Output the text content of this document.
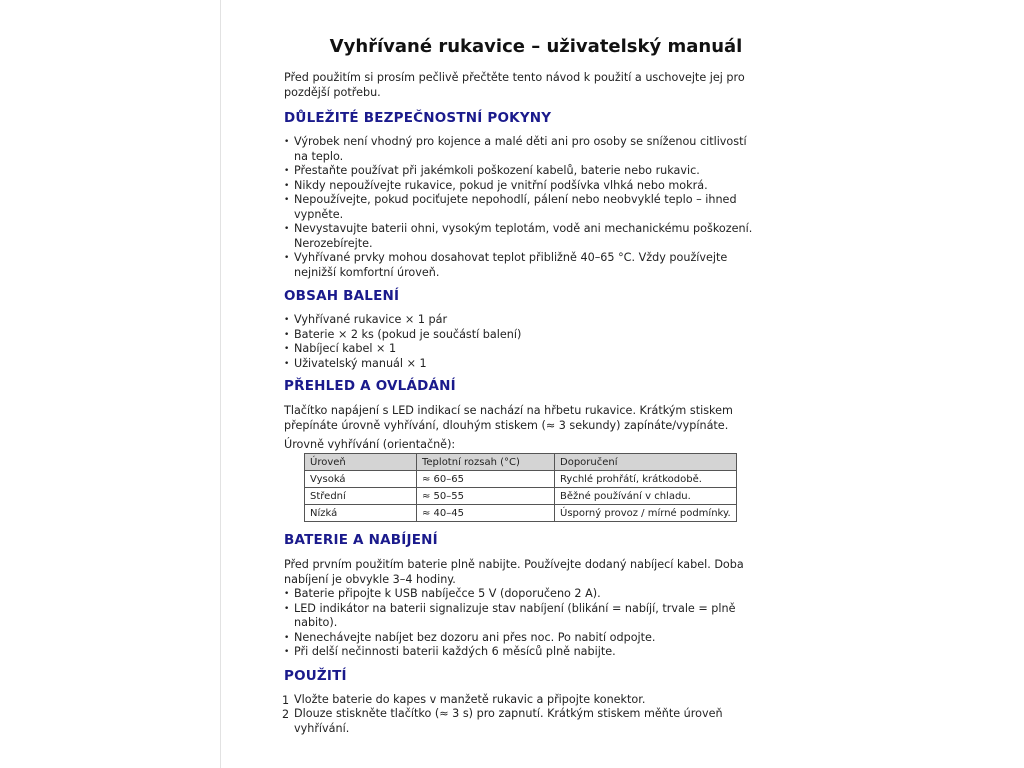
Vyhřívané rukavice – uživatelský manuál

Před použitím si prosím pečlivě přečtěte tento návod k použití a uschovejte jej pro pozdější potřebu.

DŮLEŽITÉ BEZPEČNOSTNÍ POKYNY
• Výrobek není vhodný pro kojence a malé děti ani pro osoby se sníženou citlivostí na teplo.
• Přestaňte používat při jakémkoli poškození kabelů, baterie nebo rukavic.
• Nikdy nepoužívejte rukavice, pokud je vnitřní podšívka vlhká nebo mokrá.
• Nepoužívejte, pokud pociťujete nepohodlí, pálení nebo neobvyklé teplo – ihned vypněte.
• Nevystavujte baterii ohni, vysokým teplotám, vodě ani mechanickému poškození. Nerozebírejte.
• Vyhřívané prvky mohou dosahovat teplot přibližně 40–65 °C. Vždy používejte nejnižší komfortní úroveň.
OBSAH BALENÍ
• Vyhřívané rukavice × 1 pár
• Baterie × 2 ks (pokud je součástí balení)
• Nabíjecí kabel × 1
• Uživatelský manuál × 1
PŘEHLED A OVLÁDÁNÍ

Tlačítko napájení s LED indikací se nachází na hřbetu rukavice. Krátkým stiskem přepínáte úrovně vyhřívání, dlouhým stiskem (≈ 3 sekundy) zapínáte/vypínáte.

Úrovně vyhřívání (orientačně):

Úroveň	Teplotní rozsah (°C)	Doporučení
Vysoká	≈ 60–65	Rychlé prohřátí, krátkodobě.
Střední	≈ 50–55	Běžné používání v chladu.
Nízká	≈ 40–45	Úsporný provoz / mírné podmínky.
BATERIE A NABÍJENÍ

Před prvním použitím baterie plně nabijte. Používejte dodaný nabíjecí kabel. Doba nabíjení je obvykle 3–4 hodiny.

• Baterie připojte k USB nabíječce 5 V (doporučeno 2 A).
• LED indikátor na baterii signalizuje stav nabíjení (blikání = nabíjí, trvale = plně nabito).
• Nenechávejte nabíjet bez dozoru ani přes noc. Po nabití odpojte.
• Při delší nečinnosti baterii každých 6 měsíců plně nabijte.
POUŽITÍ
1 Vložte baterie do kapes v manžetě rukavic a připojte konektor.
2 Dlouze stiskněte tlačítko (≈ 3 s) pro zapnutí. Krátkým stiskem měňte úroveň vyhřívání.
